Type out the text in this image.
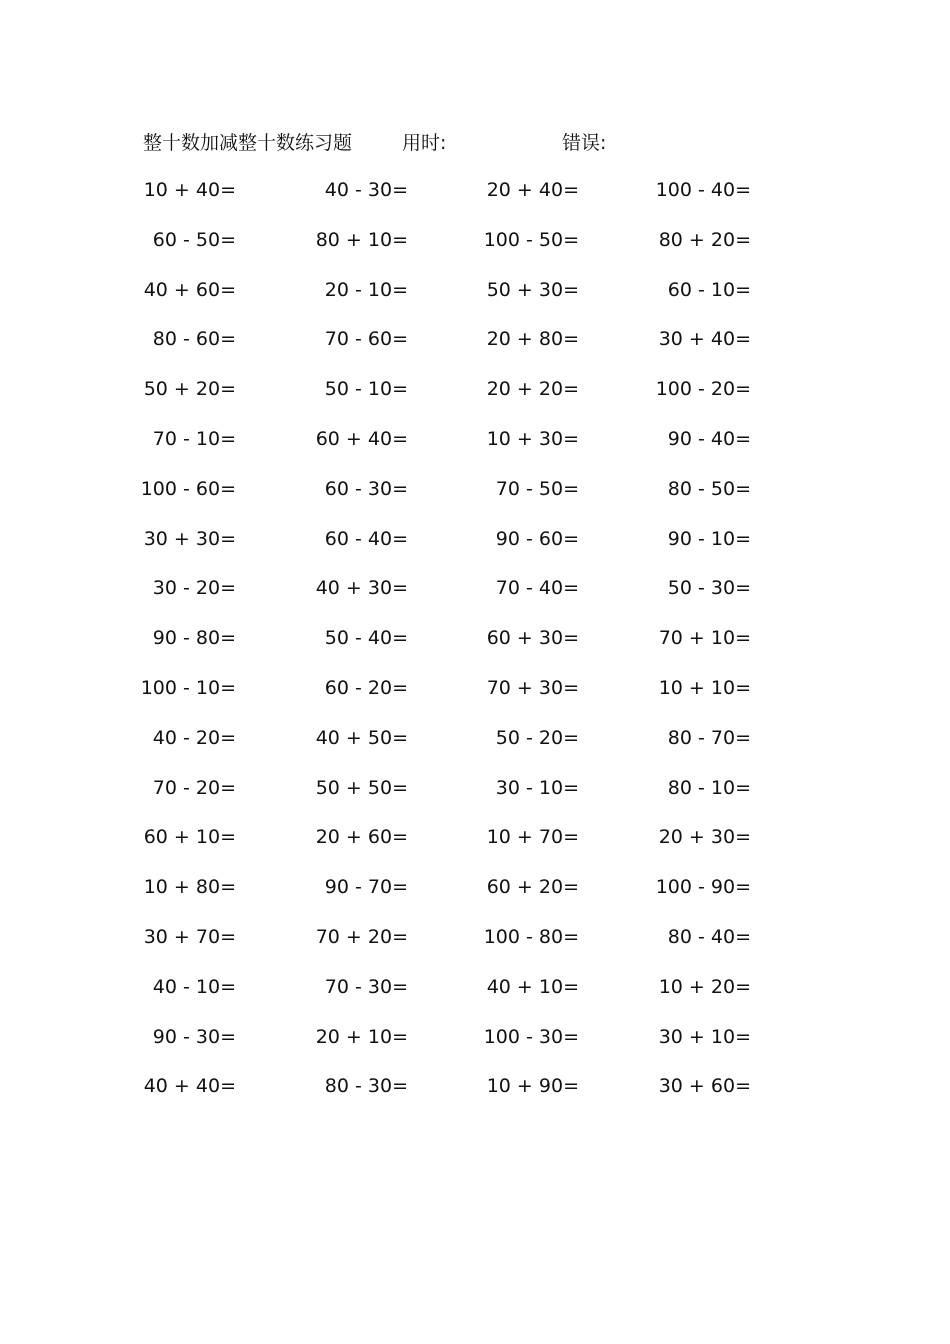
整十数加减整十数练习题	用时:	错误:
10 + 40=	40 - 30=	20 + 40=	100 - 40=
60 - 50=	80 + 10=	100 - 50=	80 + 20=
40 + 60=	20 - 10=	50 + 30=	60 - 10=
80 - 60=	70 - 60=	20 + 80=	30 + 40=
50 + 20=	50 - 10=	20 + 20=	100 - 20=
70 - 10=	60 + 40=	10 + 30=	90 - 40=
100 - 60=	60 - 30=	70 - 50=	80 - 50=
30 + 30=	60 - 40=	90 - 60=	90 - 10=
30 - 20=	40 + 30=	70 - 40=	50 - 30=
90 - 80=	50 - 40=	60 + 30=	70 + 10=
100 - 10=	60 - 20=	70 + 30=	10 + 10=
40 - 20=	40 + 50=	50 - 20=	80 - 70=
70 - 20=	50 + 50=	30 - 10=	80 - 10=
60 + 10=	20 + 60=	10 + 70=	20 + 30=
10 + 80=	90 - 70=	60 + 20=	100 - 90=
30 + 70=	70 + 20=	100 - 80=	80 - 40=
40 - 10=	70 - 30=	40 + 10=	10 + 20=
90 - 30=	20 + 10=	100 - 30=	30 + 10=
40 + 40=	80 - 30=	10 + 90=	30 + 60=
